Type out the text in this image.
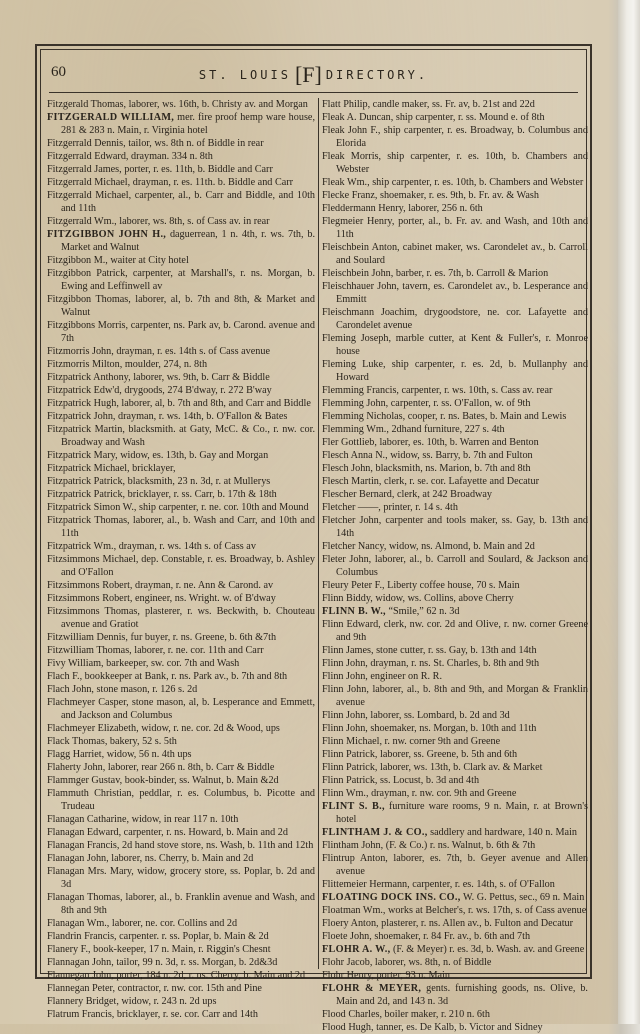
60	ST. LOUIS [F] DIRECTORY.

Fitzgerald Thomas, laborer, ws. 16th, b. Christy av. and Morgan

FITZGERALD WILLIAM, mer. fire proof hemp ware house, 281 & 283 n. Main, r. Virginia hotel

Fitzgerrald Dennis, tailor, ws. 8th n. of Biddle in rear

Fitzgerrald Edward, drayman. 334 n. 8th

Fitzgerrald James, porter, r. es. 11th, b. Biddle and Carr

Fitzgerrald Michael, drayman, r. es. 11th. b. Biddle and Carr

Fitzgerrald Michael, carpenter, al., b. Carr and Biddle, and 10th and 11th

Fitzgerrald Wm., laborer, ws. 8th, s. of Cass av. in rear

FITZGIBBON JOHN H., daguerrean, 1 n. 4th, r. ws. 7th, b. Market and Walnut

Fitzgibbon M., waiter at City hotel

Fitzgibbon Patrick, carpenter, at Marshall's, r. ns. Morgan, b. Ewing and Leffinwell av

Fitzgibbon Thomas, laborer, al, b. 7th and 8th, & Market and Walnut

Fitzgibbons Morris, carpenter, ns. Park av, b. Carond. avenue and 7th

Fitzmorris John, drayman, r. es. 14th s. of Cass avenue

Fitzmorris Milton, moulder, 274, n. 8th

Fitzpatrick Anthony, laborer, ws. 9th, b. Carr & Biddle

Fitzpatrick Edw'd, drygoods, 274 B'dway, r. 272 B'way

Fitzpatrick Hugh, laborer, al, b. 7th and 8th, and Carr and Biddle

Fitzpatrick John, drayman, r. ws. 14th, b. O'Fallon & Bates

Fitzpatrick Martin, blacksmith. at Gaty, McC. & Co., r. nw. cor. Broadway and Wash

Fitzpatrick Mary, widow, es. 13th, b. Gay and Morgan

Fitzpatrick Michael, bricklayer,

Fitzpatrick Patrick, blacksmith, 23 n. 3d, r. at Mullerys

Fitzpatrick Patrick, bricklayer, r. ss. Carr, b. 17th & 18th

Fitzpatrick Simon W., ship carpenter, r. ne. cor. 10th and Mound

Fitzpatrick Thomas, laborer, al., b. Wash and Carr, and 10th and 11th

Fitzpatrick Wm., drayman, r. ws. 14th s. of Cass av

Fitzsimmons Michael, dep. Constable, r. es. Broadway, b. Ashley and O'Fallon

Fitzsimmons Robert, drayman, r. ne. Ann & Carond. av

Fitzsimmons Robert, engineer, ns. Wright. w. of B'dway

Fitzsimmons Thomas, plasterer, r. ws. Beckwith, b. Chouteau avenue and Gratiot

Fitzwilliam Dennis, fur buyer, r. ns. Greene, b. 6th &7th

Fitzwilliam Thomas, laborer, r. ne. cor. 11th and Carr

Fivy William, barkeeper, sw. cor. 7th and Wash

Flach F., bookkeeper at Bank, r. ns. Park av., b. 7th and 8th

Flach John, stone mason, r. 126 s. 2d

Flachmeyer Casper, stone mason, al, b. Lesperance and Emmett, and Jackson and Columbus

Flachmeyer Elizabeth, widow, r. ne. cor. 2d & Wood, ups

Flack Thomas, bakery, 52 s. 5th

Flagg Harriet, widow, 56 n. 4th ups

Flaherty John, laborer, rear 266 n. 8th, b. Carr & Biddle

Flammger Gustav, book-binder, ss. Walnut, b. Main &2d

Flammuth Christian, peddlar, r. es. Columbus, b. Picotte and Trudeau

Flanagan Catharine, widow, in rear 117 n. 10th

Flanagan Edward, carpenter, r. ns. Howard, b. Main and 2d

Flanagan Francis, 2d hand stove store, ns. Wash, b. 11th and 12th

Flanagan John, laborer, ns. Cherry, b. Main and 2d

Flanagan Mrs. Mary, widow, grocery store, ss. Poplar, b. 2d and 3d

Flanagan Thomas, laborer, al., b. Franklin avenue and Wash, and 8th and 9th

Flanagan Wm., laborer, ne. cor. Collins and 2d

Flandrin Francis, carpenter. r. ss. Poplar, b. Main & 2d

Flanery F., book-keeper, 17 n. Main, r. Riggin's Chesnt

Flannagan John, tailor, 99 n. 3d, r. ss. Morgan, b. 2d&3d

Flannegan John, porter, 184 n. 2d, r. ns. Cherry, b. Main and 2d

Flannegan Peter, contractor, r. nw. cor. 15th and Pine

Flannery Bridget, widow, r. 243 n. 2d ups

Flatrum Francis, bricklayer, r. se. cor. Carr and 14th

Flatt Philip, candle maker, ss. Fr. av, b. 21st and 22d

Fleak A. Duncan, ship carpenter, r. ss. Mound e. of 8th

Fleak John F., ship carpenter, r. es. Broadway, b. Columbus and Elorida

Fleak Morris, ship carpenter, r. es. 10th, b. Chambers and Webster

Fleak Wm., ship carpenter, r. es. 10th, b. Chambers and Webster

Flecke Franz, shoemaker, r. es. 9th, b. Fr. av. & Wash

Fleddermann Henry, laborer, 256 n. 6th

Flegmeier Henry, porter, al., b. Fr. av. and Wash, and 10th and 11th

Fleischbein Anton, cabinet maker, ws. Carondelet av., b. Carroll and Soulard

Fleischbein John, barber, r. es. 7th, b. Carroll & Marion

Fleischhauer John, tavern, es. Carondelet av., b. Lesperance and Emmitt

Fleischmann Joachim, drygoodstore, ne. cor. Lafayette and Carondelet avenue

Fleming Joseph, marble cutter, at Kent & Fuller's, r. Monroe house

Fleming Luke, ship carpenter, r. es. 2d, b. Mullanphy and Howard

Flemming Francis, carpenter, r. ws. 10th, s. Cass av. rear

Flemming John, carpenter, r. ss. O'Fallon, w. of 9th

Flemming Nicholas, cooper, r. ns. Bates, b. Main and Lewis

Flemming Wm., 2dhand furniture, 227 s. 4th

Fler Gottlieb, laborer, es. 10th, b. Warren and Benton

Flesch Anna N., widow, ss. Barry, b. 7th and Fulton

Flesch John, blacksmith, ns. Marion, b. 7th and 8th

Flesch Martin, clerk, r. se. cor. Lafayette and Decatur

Flescher Bernard, clerk, at 242 Broadway

Fletcher ——, printer, r. 14 s. 4th

Fletcher John, carpenter and tools maker, ss. Gay, b. 13th and 14th

Fletcher Nancy, widow, ns. Almond, b. Main and 2d

Fleter John, laborer, al., b. Carroll and Soulard, & Jackson and Columbus

Fleury Peter F., Liberty coffee house, 70 s. Main

Flinn Biddy, widow, ws. Collins, above Cherry

FLINN B. W., “Smile,” 62 n. 3d

Flinn Edward, clerk, nw. cor. 2d and Olive, r. nw. corner Greene and 9th

Flinn James, stone cutter, r. ss. Gay, b. 13th and 14th

Flinn John, drayman, r. ns. St. Charles, b. 8th and 9th

Flinn John, engineer on R. R.

Flinn John, laborer, al., b. 8th and 9th, and Morgan & Franklin avenue

Flinn John, laborer, ss. Lombard, b. 2d and 3d

Flinn John, shoemaker, ns. Morgan, b. 10th and 11th

Flinn Michael, r. nw. corner 9th and Greene

Flinn Patrick, laborer, ss. Greene, b. 5th and 6th

Flinn Patrick, laborer, ws. 13th, b. Clark av. & Market

Flinn Patrick, ss. Locust, b. 3d and 4th

Flinn Wm., drayman, r. nw. cor. 9th and Greene

FLINT S. B., furniture ware rooms, 9 n. Main, r. at Brown's hotel

FLINTHAM J. & CO., saddlery and hardware, 140 n. Main

Flintham John, (F. & Co.) r. ns. Walnut, b. 6th & 7th

Flintrup Anton, laborer, es. 7th, b. Geyer avenue and Allen avenue

Flittemeier Hermann, carpenter, r. es. 14th, s. of O'Fallon

FLOATING DOCK INS. CO., W. G. Pettus, sec., 69 n. Main

Floatman Wm., works at Belcher's, r. ws. 17th, s. of Cass avenue

Floery Anton, plasterer, r. ns. Allen av., b. Fulton and Decatur

Floete John, shoemaker, r. 84 Fr. av., b. 6th and 7th

FLOHR A. W., (F. & Meyer) r. es. 3d, b. Wash. av. and Greene

Flohr Jacob, laborer, ws. 8th, n. of Biddle

Flohr Henry, porter, 93 n. Main

FLOHR & MEYER, gents. furnishing goods, ns. Olive, b. Main and 2d, and 143 n. 3d

Flood Charles, boiler maker, r. 210 n. 6th

Flood Hugh, tanner, es. De Kalb, b. Victor and Sidney
